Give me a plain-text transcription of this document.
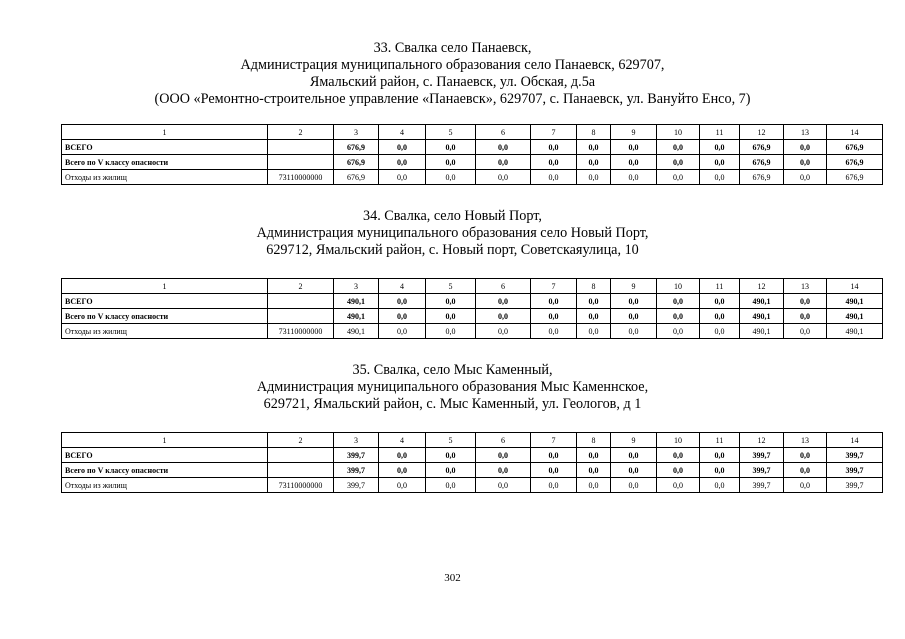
33. Свалка село Панаевск,
Администрация муниципального образования село Панаевск, 629707,
Ямальский район, с. Панаевск, ул. Обская, д.5а
(ООО «Ремонтно-строительное управление «Панаевск», 629707, с. Панаевск, ул. Вануйто Енсо, 7)
1	2	3	4	5	6	7	8	9	10	11	12	13	14
ВСЕГО		676,9	0,0	0,0	0,0	0,0	0,0	0,0	0,0	0,0	676,9	0,0	676,9
Всего по V классу опасности		676,9	0,0	0,0	0,0	0,0	0,0	0,0	0,0	0,0	676,9	0,0	676,9
Отходы из жилищ	73110000000	676,9	0,0	0,0	0,0	0,0	0,0	0,0	0,0	0,0	676,9	0,0	676,9
34. Свалка, село Новый Порт,
Администрация муниципального образования село Новый Порт,
629712, Ямальский район, с. Новый порт, Советскаяулица, 10
1	2	3	4	5	6	7	8	9	10	11	12	13	14
ВСЕГО		490,1	0,0	0,0	0,0	0,0	0,0	0,0	0,0	0,0	490,1	0,0	490,1
Всего по V классу опасности		490,1	0,0	0,0	0,0	0,0	0,0	0,0	0,0	0,0	490,1	0,0	490,1
Отходы из жилищ	73110000000	490,1	0,0	0,0	0,0	0,0	0,0	0,0	0,0	0,0	490,1	0,0	490,1
35. Свалка, село Мыс Каменный,
Администрация муниципального образования Мыс Каменнское,
629721, Ямальский район, с. Мыс Каменный, ул. Геологов, д 1
1	2	3	4	5	6	7	8	9	10	11	12	13	14
ВСЕГО		399,7	0,0	0,0	0,0	0,0	0,0	0,0	0,0	0,0	399,7	0,0	399,7
Всего по V классу опасности		399,7	0,0	0,0	0,0	0,0	0,0	0,0	0,0	0,0	399,7	0,0	399,7
Отходы из жилищ	73110000000	399,7	0,0	0,0	0,0	0,0	0,0	0,0	0,0	0,0	399,7	0,0	399,7
302
